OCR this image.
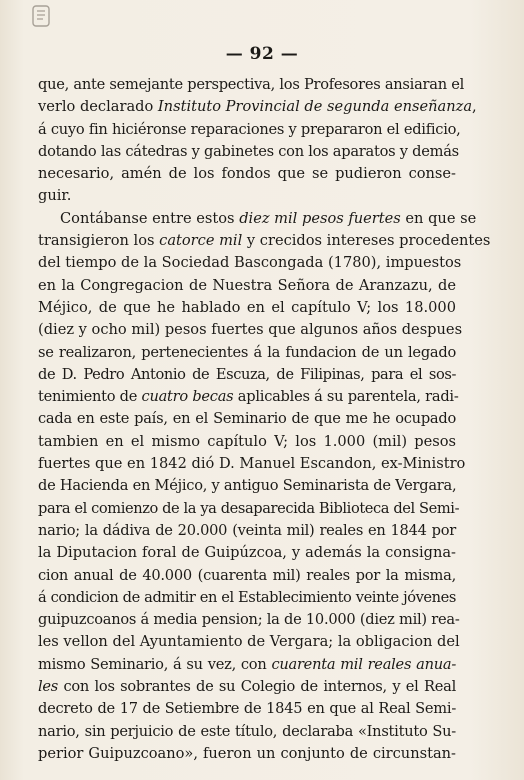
— 92 —
que, ante semejante perspectiva, los Profesores ansiaran el
verlo declarado Instituto Provincial de segunda enseñanza,
á cuyo fin hiciéronse reparaciones y prepararon el edificio,
dotando las cátedras y gabinetes con los aparatos y demás
necesario, amén de los fondos que se pudieron conse-
guir.
Contábanse entre estos diez mil pesos fuertes en que se
transigieron los catorce mil y crecidos intereses procedentes
del tiempo de la Sociedad Bascongada (1780), impuestos
en la Congregacion de Nuestra Señora de Aranzazu, de
Méjico, de que he hablado en el capítulo V; los 18.000
(diez y ocho mil) pesos fuertes que algunos años despues
se realizaron, pertenecientes á la fundacion de un legado
de D. Pedro Antonio de Escuza, de Filipinas, para el sos-
tenimiento de cuatro becas aplicables á su parentela, radi-
cada en este país, en el Seminario de que me he ocupado
tambien en el mismo capítulo V; los 1.000 (mil) pesos
fuertes que en 1842 dió D. Manuel Escandon, ex-Ministro
de Hacienda en Méjico, y antiguo Seminarista de Vergara,
para el comienzo de la ya desaparecida Biblioteca del Semi-
nario; la dádiva de 20.000 (veinta mil) reales en 1844 por
la Diputacion foral de Guipúzcoa, y además la consigna-
cion anual de 40.000 (cuarenta mil) reales por la misma,
á condicion de admitir en el Establecimiento veinte jóvenes
guipuzcoanos á media pension; la de 10.000 (diez mil) rea-
les vellon del Ayuntamiento de Vergara; la obligacion del
mismo Seminario, á su vez, con cuarenta mil reales anua-
les con los sobrantes de su Colegio de internos, y el Real
decreto de 17 de Setiembre de 1845 en que al Real Semi-
nario, sin perjuicio de este título, declaraba «Instituto Su-
perior Guipuzcoano», fueron un conjunto de circunstan-
